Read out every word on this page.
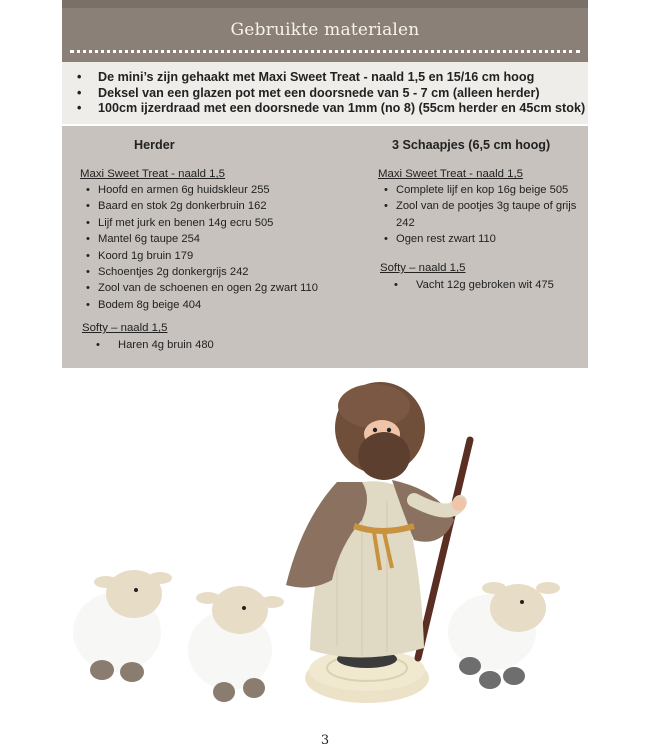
Gebruikte materialen
• De mini’s zijn gehaakt met Maxi Sweet Treat - naald 1,5 en 15/16 cm hoog
• Deksel van een glazen pot met een doorsnede van 5 - 7 cm (alleen herder)
• 100cm ijzerdraad met een doorsnede van 1mm (no 8) (55cm herder en 45cm stok)
Herder	3 Schaapjes (6,5 cm hoog)
Maxi Sweet Treat - naald 1,5
• Hoofd en armen 6g huidskleur 255
• Baard en stok 2g donkerbruin 162
• Lijf met jurk en benen 14g ecru 505
• Mantel 6g taupe 254
• Koord 1g bruin 179
• Schoentjes 2g donkergrijs 242
• Zool van de schoenen en ogen 2g zwart 110
• Bodem 8g beige 404
Softy – naald 1,5
• Haren 4g bruin 480
Maxi Sweet Treat - naald 1,5
• Complete lijf en kop 16g beige 505
• Zool van de pootjes 3g taupe of grijs
242
• Ogen rest zwart 110
Softy – naald 1,5
• Vacht 12g gebroken wit 475
3
